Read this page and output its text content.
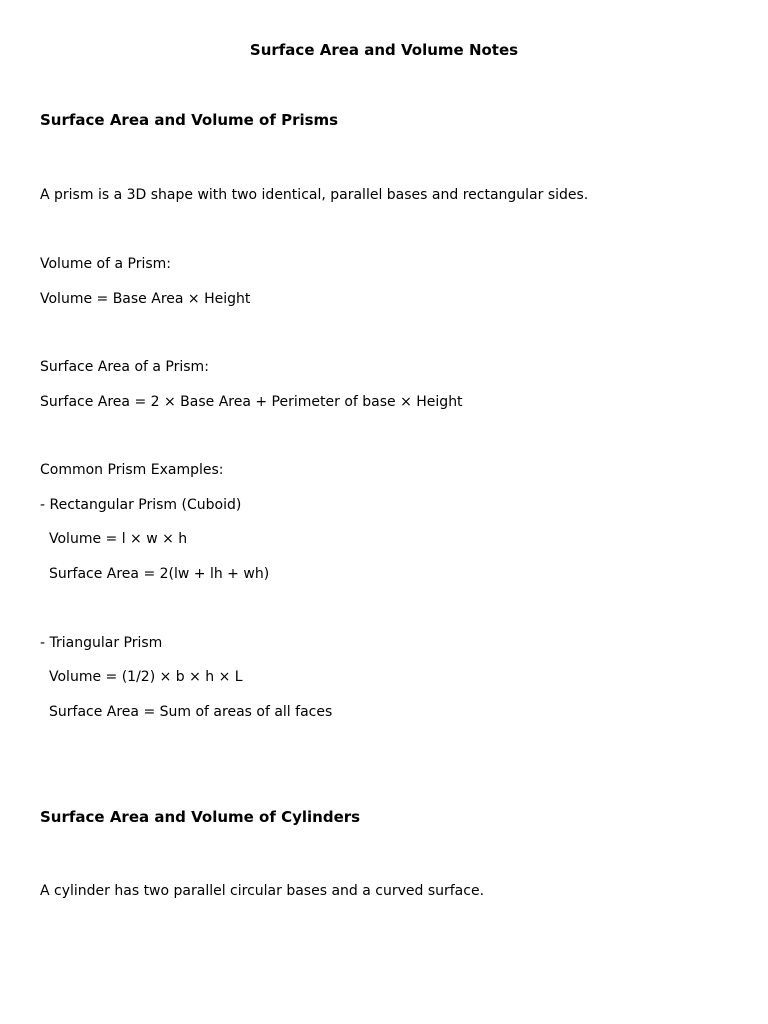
Surface Area and Volume Notes
Surface Area and Volume of Prisms

A prism is a 3D shape with two identical, parallel bases and rectangular sides.

Volume of a Prism:

Volume = Base Area × Height

Surface Area of a Prism:

Surface Area = 2 × Base Area + Perimeter of base × Height

Common Prism Examples:

- Rectangular Prism (Cuboid)

Volume = l × w × h

Surface Area = 2(lw + lh + wh)

- Triangular Prism

Volume = (1/2) × b × h × L

Surface Area = Sum of areas of all faces

Surface Area and Volume of Cylinders

A cylinder has two parallel circular bases and a curved surface.
